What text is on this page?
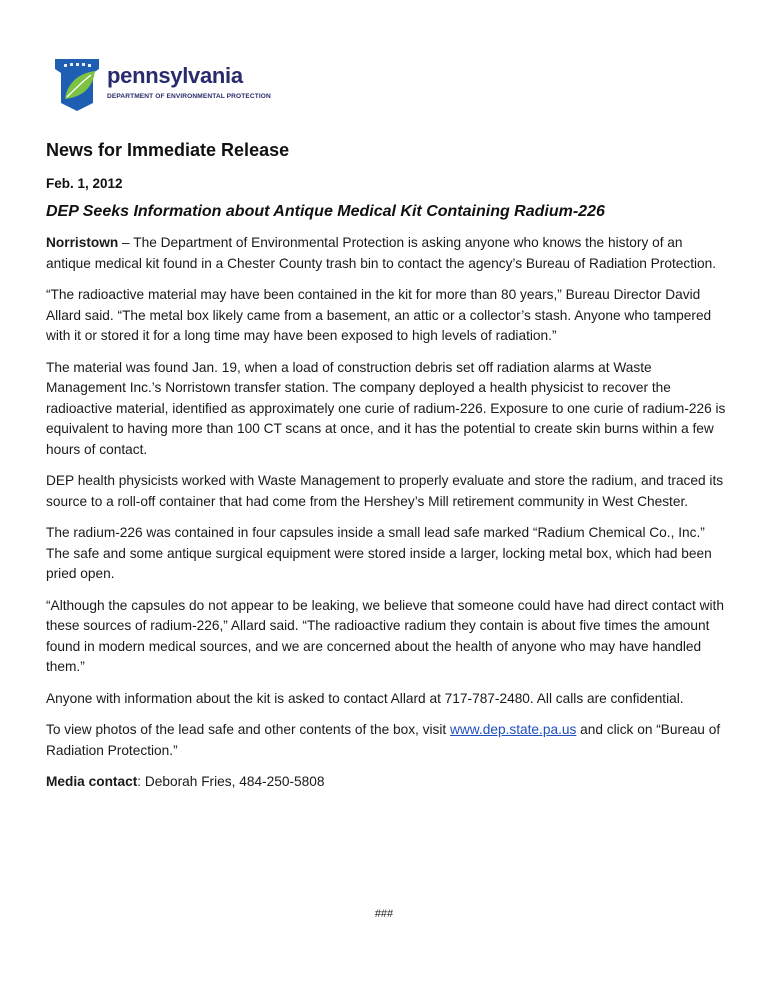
pennsylvania
DEPARTMENT OF ENVIRONMENTAL PROTECTION
News for Immediate Release
Feb. 1, 2012
DEP Seeks Information about Antique Medical Kit Containing Radium-226

Norristown – The Department of Environmental Protection is asking anyone who knows the history of an antique medical kit found in a Chester County trash bin to contact the agency’s Bureau of Radiation Protection.

“The radioactive material may have been contained in the kit for more than 80 years,” Bureau Director David Allard said. “The metal box likely came from a basement, an attic or a collector’s stash. Anyone who tampered with it or stored it for a long time may have been exposed to high levels of radiation.”

The material was found Jan. 19, when a load of construction debris set off radiation alarms at Waste Management Inc.’s Norristown transfer station. The company deployed a health physicist to recover the radioactive material, identified as approximately one curie of radium-226. Exposure to one curie of radium-226 is equivalent to having more than 100 CT scans at once, and it has the potential to create skin burns within a few hours of contact.

DEP health physicists worked with Waste Management to properly evaluate and store the radium, and traced its source to a roll-off container that had come from the Hershey’s Mill retirement community in West Chester.

The radium-226 was contained in four capsules inside a small lead safe marked “Radium Chemical Co., Inc.” The safe and some antique surgical equipment were stored inside a larger, locking metal box, which had been pried open.

“Although the capsules do not appear to be leaking, we believe that someone could have had direct contact with these sources of radium-226,” Allard said. “The radioactive radium they contain is about five times the amount found in modern medical sources, and we are concerned about the health of anyone who may have handled them.”

Anyone with information about the kit is asked to contact Allard at 717-787-2480. All calls are confidential.

To view photos of the lead safe and other contents of the box, visit www.dep.state.pa.us and click on “Bureau of Radiation Protection.”

Media contact: Deborah Fries, 484-250-5808

###
